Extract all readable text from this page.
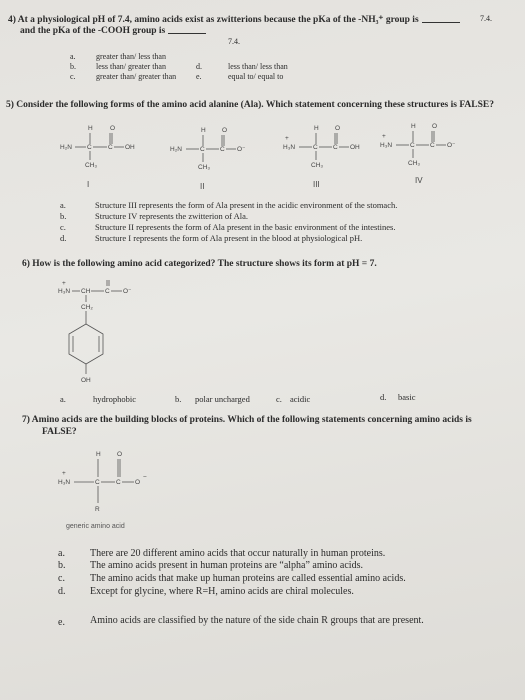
4) At a physiological pH of 7.4, amino acids exist as zwitterions because the pKa of the -NH₃⁺ group is	7.4.
and the pKa of the -COOH group is
7.4.
a.	greater than/ less than
b.	less than/ greater than
c.	greater than/ greater than
d.	less than/ less than
e.	equal to/ equal to
5) Consider the following forms of the amino acid alanine (Ala). Which statement concerning these structures is FALSE?
H	O
H₂N C	C OH
CH₃
I
H	O
H₂N	C C O⁻
CH₃
II
+
H	O
H₃N	C C OH
CH₃
III
+
H	O
H₃N	C C O⁻
CH₃
IV
a.	Structure III represents the form of Ala present in the acidic environment of the stomach.
b.	Structure IV represents the zwitterion of Ala.
c.	Structure II represents the form of Ala present in the basic environment of the intestines.
d.	Structure I represents the form of Ala present in the blood at physiological pH.
6) How is the following amino acid categorized? The structure shows its form at pH = 7.
+
H₃N CH C O⁻
CH₂
OH
a.	hydrophobic	b. polar uncharged	c. acidic	d. basic
7) Amino acids are the building blocks of proteins. Which of the following statements concerning amino acids is
FALSE?
H	O
+
H₃N	C	C O
−
R
generic amino acid
a.	There are 20 different amino acids that occur naturally in human proteins.
b. The amino acids present in human proteins are “alpha” amino acids.
c.	The amino acids that make up human proteins are called essential amino acids.
d. Except for glycine, where R=H, amino acids are chiral molecules.
e.	Amino acids are classified by the nature of the side chain R groups that are present.
